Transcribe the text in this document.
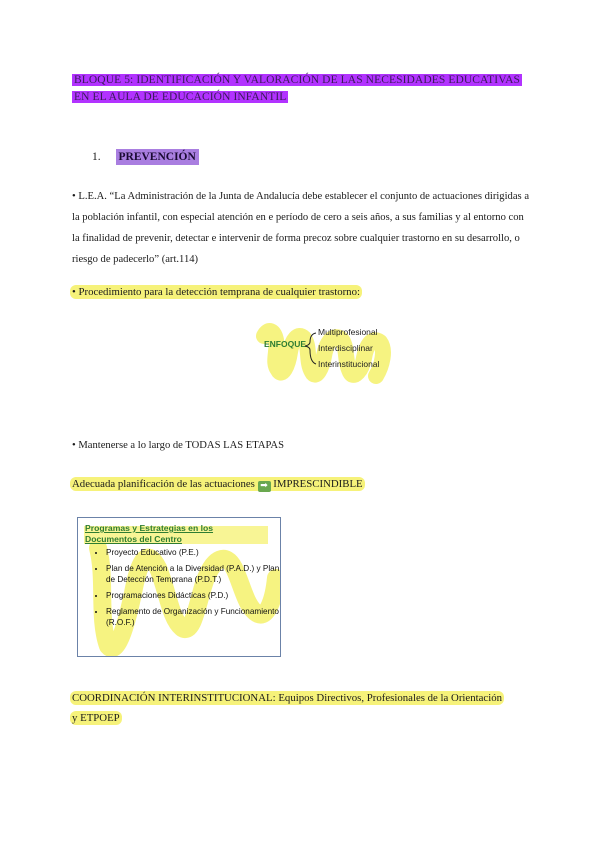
BLOQUE 5: IDENTIFICACIÓN Y VALORACIÓN DE LAS NECESIDADES EDUCATIVAS EN EL AULA DE EDUCACIÓN INFANTIL
1. PREVENCIÓN
• L.E.A. “La Administración de la Junta de Andalucía debe establecer el conjunto de actuaciones dirigidas a la población infantil, con especial atención en e período de cero a seis años, a sus familias y al entorno con la finalidad de prevenir, detectar e intervenir de forma precoz sobre cualquier trastorno en su desarrollo, o riesgo de padecerlo” (art.114)
• Procedimiento para la detección temprana de cualquier trastorno:
ENFOQUE
Multiprofesional
Interdisciplinar
Interinstitucional
• Mantenerse a lo largo de TODAS LAS ETAPAS
Adecuada planificación de las actuaciones ➡ IMPRESCINDIBLE
Programas y Estrategias en los
Documentos del Centro
• Proyecto Educativo (P.E.)
• Plan de Atención a la Diversidad (P.A.D.) y Plan de Detección Temprana (P.D.T.)
• Programaciones Didácticas (P.D.)
• Reglamento de Organización y Funcionamiento (R.O.F.)
COORDINACIÓN INTERINSTITUCIONAL: Equipos Directivos, Profesionales de la Orientación y ETPOEP
